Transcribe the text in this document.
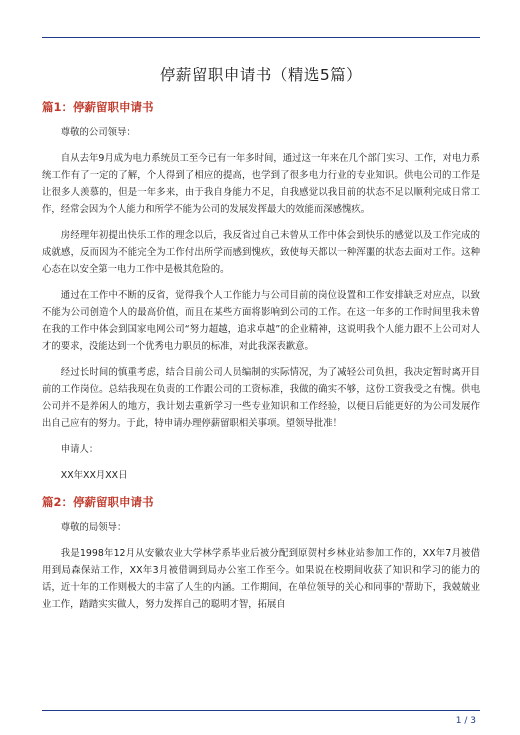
停薪留职申请书（精选5篇）
篇1：停薪留职申请书

尊敬的公司领导：

自从去年9月成为电力系统员工至今已有一年多时间，通过这一年来在几个部门实习、工作，对电力系统工作有了一定的了解，个人得到了相应的提高，也学到了很多电力行业的专业知识。供电公司的工作是让很多人羡慕的，但是一年多来，由于我自身能力不足，自我感觉以我目前的状态不足以顺利完成日常工作，经常会因为个人能力和所学不能为公司的发展发挥最大的效能而深感愧疚。

房经理年初提出快乐工作的理念以后，我反省过自己未曾从工作中体会到快乐的感觉以及工作完成的成就感，反而因为不能完全为工作付出所学而感到愧疚，致使每天都以一种浑噩的状态去面对工作。这种心态在以安全第一电力工作中是极其危险的。

通过在工作中不断的反省，觉得我个人工作能力与公司目前的岗位设置和工作安排缺乏对应点，以致不能为公司创造个人的最高价值，而且在某些方面将影响到公司的工作。在这一年多的工作时间里我未曾在我的工作中体会到国家电网公司“努力超越，追求卓越”的企业精神，这说明我个人能力跟不上公司对人才的要求，没能达到一个优秀电力职员的标准，对此我深表歉意。

经过长时间的慎重考虑，结合目前公司人员编制的实际情况，为了减轻公司负担，我决定暂时离开目前的工作岗位。总结我现在负责的工作跟公司的工资标准，我做的确实不够，这份工资我受之有愧。供电公司并不是养闲人的地方，我计划去重新学习一些专业知识和工作经验，以便日后能更好的为公司发展作出自己应有的努力。于此，特申请办理停薪留职相关事项。望领导批准！

申请人：

XX年XX月XX日

篇2：停薪留职申请书

尊敬的局领导：

我是1998年12月从安徽农业大学林学系毕业后被分配到原贺村乡林业站参加工作的，XX年7月被借用到局森保站工作，XX年3月被借调到局办公室工作至今。如果说在校期间收获了知识和学习的能力的话，近十年的工作则极大的丰富了人生的内涵。工作期间，在单位领导的关心和同事的'帮助下，我兢兢业业工作，踏踏实实做人，努力发挥自己的聪明才智，拓展自

1 / 3
